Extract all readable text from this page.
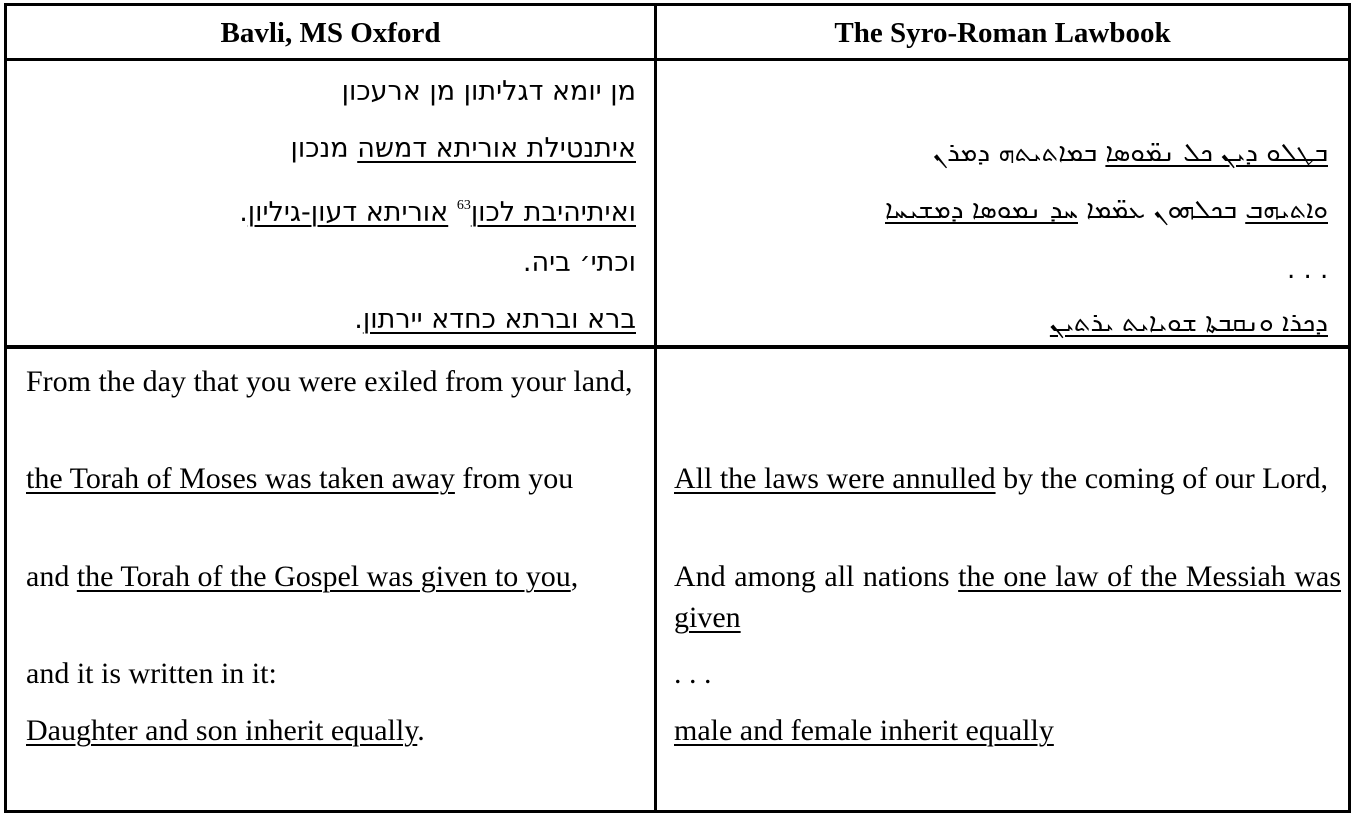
Bavli, MS Oxford	The Syro-Roman Lawbook
מן יומא דגליתון מן ארעכון
איתנטילת אוריתא דמשה מנכון
ואיתיהיבת לכון$^{63}$ אוריתא דעון-גיליון.
וכתי׳ ביה.
ברא וברתא כחדא יירתון.
ܒܛܠܘ ܕܝܢ ܟܠ ܢܡ̈ܘܣܐ ܒܡܐܬܝܬܗ ܕܡܪܢ
ܘܐܬܝܗܒ ܒܟܠܗܘܢ ܥܡ̈ܡܐ ܚܕ ܢܡܘܣܐ ܕܡܫܝܚܐ
. . .
ܕܟܪܐ ܘܢܩܒܬܐ ܫܘܝܐܝܬ ܝܪܬܝܢ
From the day that you were exiled from your land,
the Torah of Moses was taken away from you
and the Torah of the Gospel was given to you,
and it is written in it:
Daughter and son inherit equally.
All the laws were annulled by the coming of our Lord,
And among all nations the one law of the Messiah was given
. . .
male and female inherit equally
